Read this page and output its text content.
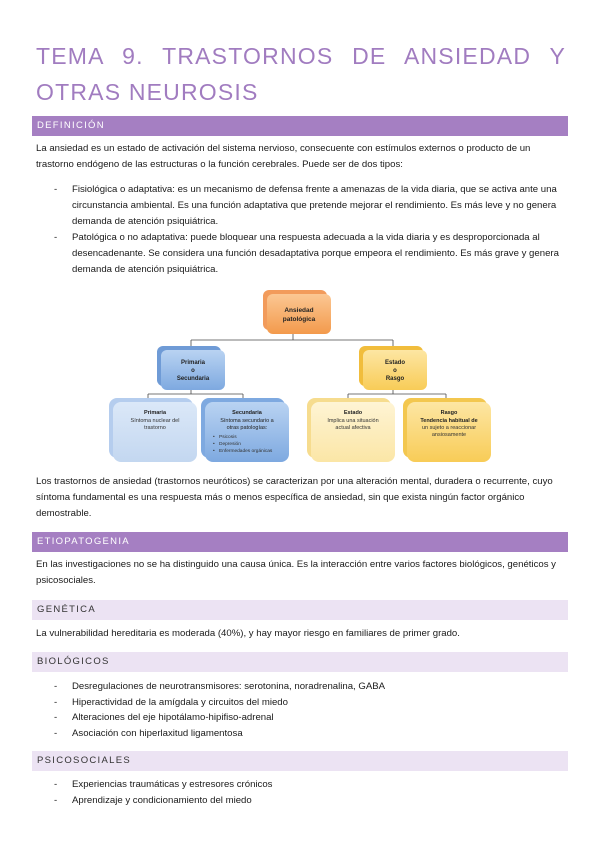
TEMA 9. TRASTORNOS DE ANSIEDAD Y OTRAS NEUROSIS
DEFINICIÓN
La ansiedad es un estado de activación del sistema nervioso, consecuente con estímulos externos o producto de un trastorno endógeno de las estructuras o la función cerebrales. Puede ser de dos tipos:
- Fisiológica o adaptativa: es un mecanismo de defensa frente a amenazas de la vida diaria, que se activa ante una circunstancia ambiental. Es una función adaptativa que pretende mejorar el rendimiento. Es más leve y no genera demanda de atención psiquiátrica.
- Patológica o no adaptativa: puede bloquear una respuesta adecuada a la vida diaria y es desproporcionada al desencadenante. Se considera una función desadaptativa porque empeora el rendimiento. Es más grave y genera demanda de atención psiquiátrica.
Ansiedad
patológica
Primaria
o
Secundaria
Estado
o
Rasgo
Primaria
Síntoma nuclear del
trastorno
Secundaria
Síntoma secundario a
otras patologías:
• Psicosis
• Depresión
• Enfermedades orgánicas
Estado
Implica una situación
actual afectiva
Rasgo
Tendencia habitual de
un sujeto a reaccionar
ansiosamente
Los trastornos de ansiedad (trastornos neuróticos) se caracterizan por una alteración mental, duradera o recurrente, cuyo síntoma fundamental es una respuesta más o menos específica de ansiedad, sin que exista ningún factor orgánico demostrable.
ETIOPATOGENIA
En las investigaciones no se ha distinguido una causa única. Es la interacción entre varios factores biológicos, genéticos y psicosociales.
GENÉTICA
La vulnerabilidad hereditaria es moderada (40%), y hay mayor riesgo en familiares de primer grado.
BIOLÓGICOS
- Desregulaciones de neurotransmisores: serotonina, noradrenalina, GABA
- Hiperactividad de la amígdala y circuitos del miedo
- Alteraciones del eje hipotálamo-hipifiso-adrenal
- Asociación con hiperlaxitud ligamentosa
PSICOSOCIALES
- Experiencias traumáticas y estresores crónicos
- Aprendizaje y condicionamiento del miedo
